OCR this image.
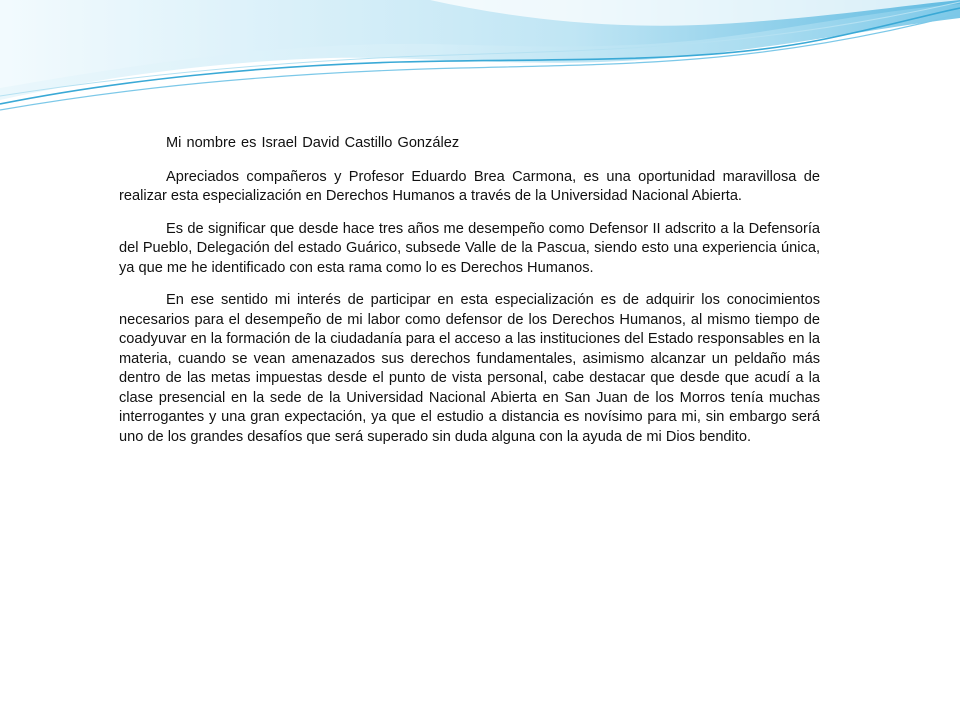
Mi nombre es Israel David Castillo González

Apreciados compañeros y Profesor Eduardo Brea Carmona, es una oportunidad maravillosa de realizar esta especialización en Derechos Humanos a través de la Universidad Nacional Abierta.

Es de significar que desde hace tres años me desempeño como Defensor II adscrito a la Defensoría del Pueblo, Delegación del estado Guárico, subsede Valle de la Pascua, siendo esto una experiencia única, ya que me he identificado con esta rama como lo es Derechos Humanos.

En ese sentido mi interés de participar en esta especialización es de adquirir los conocimientos necesarios para el desempeño de mi labor como defensor de los Derechos Humanos, al mismo tiempo de coadyuvar en la formación de la ciudadanía para el acceso a las instituciones del Estado responsables en la materia, cuando se vean amenazados sus derechos fundamentales, asimismo alcanzar un peldaño más dentro de las metas impuestas desde el punto de vista personal, cabe destacar que desde que acudí a la clase presencial en la sede de la Universidad Nacional Abierta en San Juan de los Morros tenía muchas interrogantes y una gran expectación, ya que el estudio a distancia es novísimo para mi, sin embargo será uno de los grandes desafíos que será superado sin duda alguna con la ayuda de mi Dios bendito.
